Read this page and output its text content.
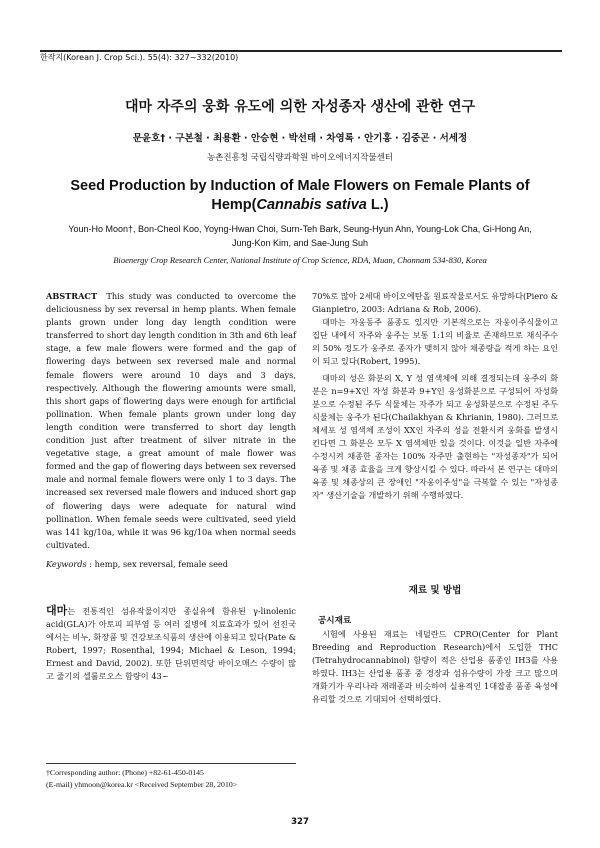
한작지(Korean J. Crop Sci.). 55(4): 327~332(2010)
대마 자주의 웅화 유도에 의한 자성종자 생산에 관한 연구
문윤호† · 구본철 · 최용환 · 안승현 · 박선태 · 차영록 · 안기홍 · 김중곤 · 서세정
농촌진흥청 국립식량과학원 바이오에너지작물센터
Seed Production by Induction of Male Flowers on Female Plants of Hemp(Cannabis sativa L.)
Youn-Ho Moon†, Bon-Cheol Koo, Yoyng-Hwan Choi, Surn-Teh Bark, Seung-Hyun Ahn, Young-Lok Cha, Gi-Hong An, Jung-Kon Kim, and Sae-Jung Suh
Bioenergy Crop Research Center, National Institute of Crop Science, RDA, Muan, Chonnam 534-830, Korea
ABSTRACT This study was conducted to overcome the deliciousness by sex reversal in hemp plants. When female plants grown under long day length condition were transferred to short day length condition in 3th and 6th leaf stage, a few male flowers were formed and the gap of flowering days between sex reversed male and normal female flowers were around 10 days and 3 days, respectively. Although the flowering amounts were small, this short gaps of flowering days were enough for artificial pollination. When female plants grown under long day length condition were transferred to short day length condition just after treatment of silver nitrate in the vegetative stage, a great amount of male flower was formed and the gap of flowering days between sex reversed male and normal female flowers were only 1 to 3 days. The increased sex reversed male flowers and induced short gap of flowering days were adequate for natural wind pollination. When female seeds were cultivated, seed yield was 141 kg/10a, while it was 96 kg/10a when normal seeds cultivated.
Keywords : hemp, sex reversal, female seed
대마는 전통적인 섬유작물이지만 종실유에 함유된 γ-linolenic acid(GLA)가 아토피 피부염 등 여러 질병에 치료효과가 있어 선진국에서는 비누, 화장품 및 건강보조식품의 생산에 이용되고 있다(Pate & Robert, 1997; Rosenthal, 1994; Michael & Leson, 1994; Ernest and David, 2002). 또한 단위면적당 바이오매스 수량이 많고 줄기의 셀룰로오스 함량이 43~
†Corresponding author: (Phone) +82-61-450-0145
(E-mail) yhmoon@korea.kr <Received September 28, 2010>

70%로 많아 2세대 바이오에탄올 원료작물로서도 유망하다(Piero & Gianpietro, 2003: Adriana & Rob, 2006).

대마는 자웅동주 품종도 있지만 기본적으로는 자웅이주식물이고 집단 내에서 자주와 웅주는 보통 1:1의 비율로 존재하므로 재식주수의 50% 정도가 웅주로 종자가 맺히지 않아 채종량을 적게 하는 요인이 되고 있다(Robert, 1995).

대마의 성은 화분의 X, Y 성 염색체에 의해 결정되는데 웅주의 화분은 n=9+X인 자성 화분과 9+Y인 웅성화분으로 구성되어 자성화분으로 수정된 주두 식물체는 자주가 되고 웅성화분으로 수정된 주두 식물체는 웅주가 된다(Chailakhyan & Khrianin, 1980). 그러므로 체세포 성 염색체 조성이 XX인 자주의 성을 전환시켜 웅화를 발생시킨다면 그 화분은 모두 X 염색체만 있을 것이다. 이것을 일반 자주에 수정시켜 채종한 종자는 100% 자주만 출현하는 "자성종자"가 되어 육종 및 채종 효율을 크게 향상시킬 수 있다. 따라서 본 연구는 대마의 육종 및 채종상의 큰 장애인 "자웅이주성"을 극복할 수 있는 "자성종자" 생산기술을 개발하기 위해 수행하였다.

재료 및 방법
공시재료

시험에 사용된 재료는 네덜란드 CPRO(Center for Plant Breeding and Reproduction Research)에서 도입한 THC (Tetrahydrocannabinol) 함량이 적은 산업용 품종인 IH3를 사용하였다. IH3는 산업용 품종 중 경장과 섬유수량이 가장 크고 많으며 개화기가 우리나라 재래종과 비슷하여 실용적인 1대잡종 품종 육성에 유리할 것으로 기대되어 선택하였다.

327
